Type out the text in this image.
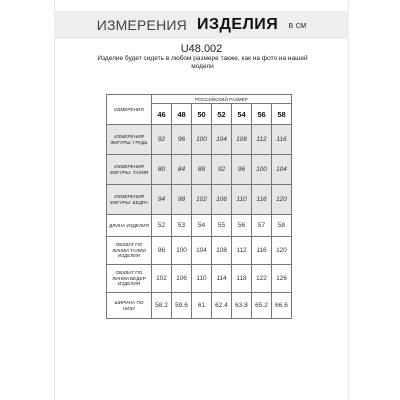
ИЗМЕРЕНИЯ ИЗДЕЛИЯ в см
U48.002
Изделие будет сидеть в любом размере также, как на фото на нашей модели
ИЗМЕРЕНИЯ	РОССИЙСКИЙ РАЗМЕР						
	46	48	50	52	54	56	58
ИЗМЕРЕНИЯ ФИГУРЫ: ГРУДЬ	92	96	100	104	108	112	116
ИЗМЕРЕНИЯ ФИГУРЫ: ТАЛИЯ	80	84	88	92	96	100	104
ИЗМЕРЕНИЯ ФИГУРЫ: БЕДРА	94	98	102	106	110	116	120
ДЛИНА ИЗДЕЛИЯ	52	53	54	55	56	57	58
ОБХВАТ ПО ЛИНИИ ТАЛИИ ИЗДЕЛИЯ	96	100	104	108	112	116	120
ОБХВАТ ПО ЛИНИИ БЕДЕР ИЗДЕЛИЯ	102	106	110	114	118	122	126
ШИРИНА ПО НИЗУ	58.2	59.6	61	62.4	63.8	65.2	66.6
